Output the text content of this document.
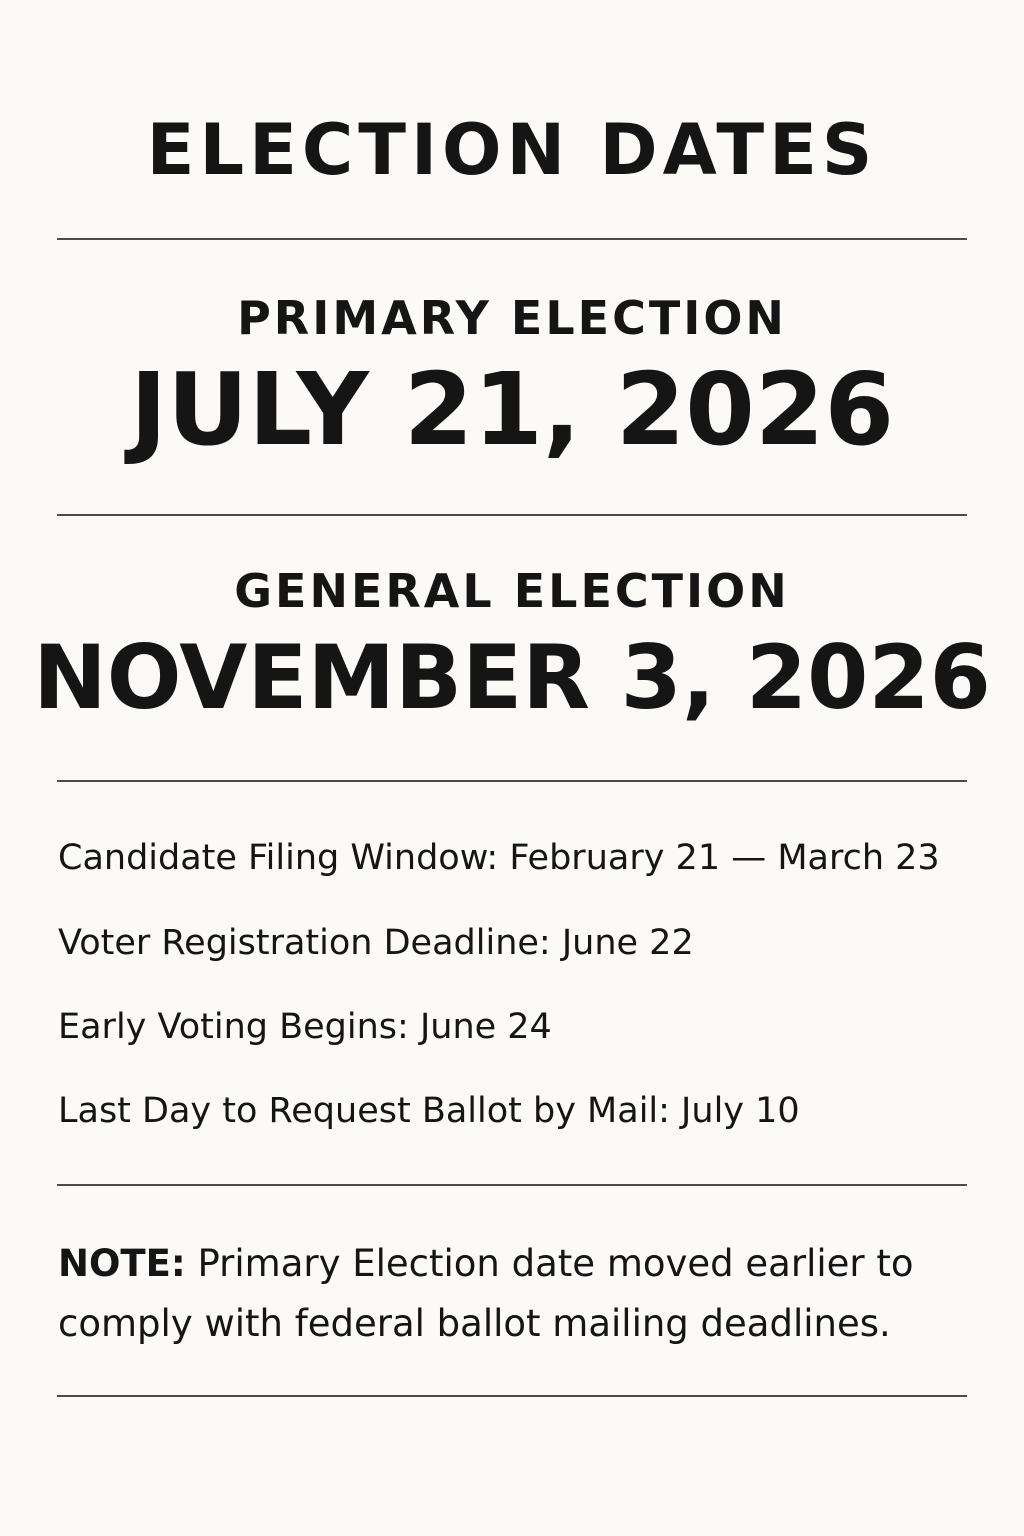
ELECTION DATES
PRIMARY ELECTION
JULY 21, 2026
GENERAL ELECTION
NOVEMBER 3, 2026
Candidate Filing Window: February 21 — March 23
Voter Registration Deadline: June 22
Early Voting Begins: June 24
Last Day to Request Ballot by Mail: July 10
NOTE: Primary Election date moved earlier to comply with federal ballot mailing deadlines.
